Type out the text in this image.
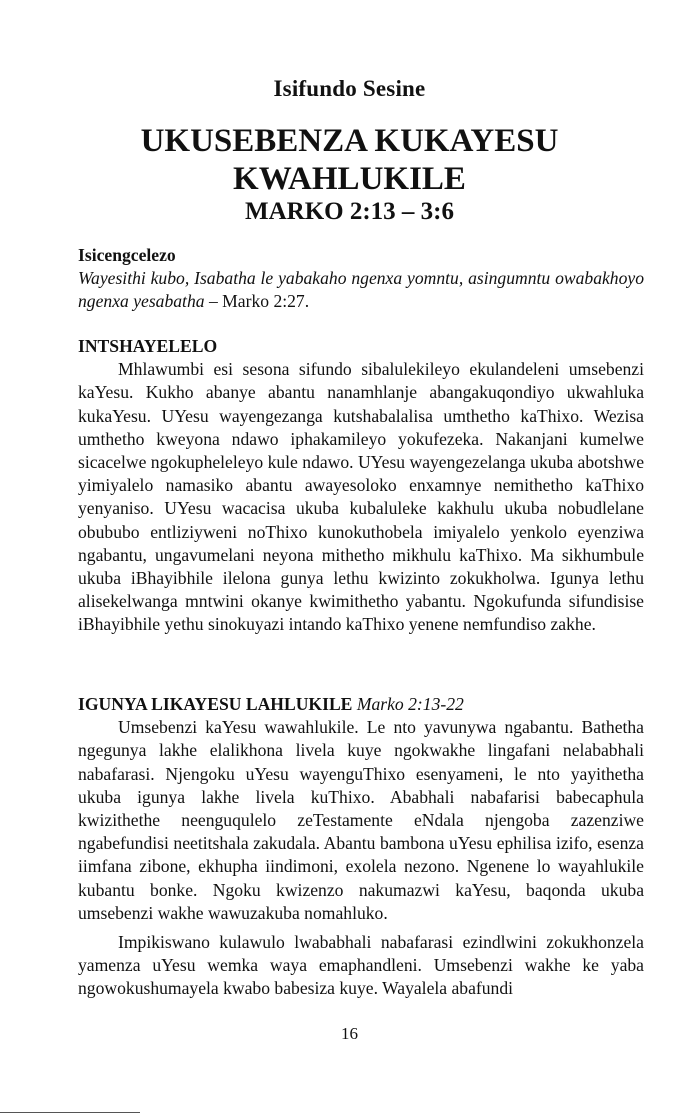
Isifundo Sesine
UKUSEBENZA KUKAYESU
KWAHLUKILE
MARKO 2:13 – 3:6
Isicengcelezo

Wayesithi kubo, Isabatha le yabakaho ngenxa yomntu, asingumntu owabakhoyo ngenxa yesabatha – Marko 2:27.

INTSHAYELELO

Mhlawumbi esi sesona sifundo sibalulekileyo ekulandeleni umsebenzi kaYesu. Kukho abanye abantu nanamhlanje abangakuqondiyo ukwahluka kukaYesu. UYesu wayengezanga kutshabalalisa umthetho kaThixo. Wezisa umthetho kweyona ndawo iphakamileyo yokufezeka. Nakanjani kumelwe sicacelwe ngokupheleleyo kule ndawo. UYesu wayengezelanga ukuba abotshwe yimiyalelo namasiko abantu awayesoloko enxamnye nemithetho kaThixo yenyaniso. UYesu wacacisa ukuba kubaluleke kakhulu ukuba nobudlelane obububo entliziyweni noThixo kunokuthobela imiyalelo yenkolo eyenziwa ngabantu, ungavumelani neyona mithetho mikhulu kaThixo. Ma sikhumbule ukuba iBhayibhile ilelona gunya lethu kwizinto zokukholwa. Igunya lethu alisekelwanga mntwini okanye kwimithetho yabantu. Ngokufunda sifundisise iBhayibhile yethu sinokuyazi intando kaThixo yenene nemfundiso zakhe.

IGUNYA LIKAYESU LAHLUKILE Marko 2:13-22

Umsebenzi kaYesu wawahlukile. Le nto yavunywa ngabantu. Bathetha ngegunya lakhe elalikhona livela kuye ngokwakhe lingafani nelababhali nabafarasi. Njengoku uYesu wayenguThixo esenyameni, le nto yayithetha ukuba igunya lakhe livela kuThixo. Ababhali nabafarisi babecaphula kwizithethe neenguqulelo zeTestamente eNdala njengoba zazenziwe ngabefundisi neetitshala zakudala. Abantu bambona uYesu ephilisa izifo, esenza iimfana zibone, ekhupha iindimoni, exolela nezono. Ngenene lo wayahlukile kubantu bonke. Ngoku kwizenzo nakumazwi kaYesu, baqonda ukuba umsebenzi wakhe wawuzakuba nomahluko.

Impikiswano kulawulo lwababhali nabafarasi ezindlwini zokukhonzela yamenza uYesu wemka waya emaphandleni. Umsebenzi wakhe ke yaba ngowokushumayela kwabo babesiza kuye. Wayalela abafundi

16
